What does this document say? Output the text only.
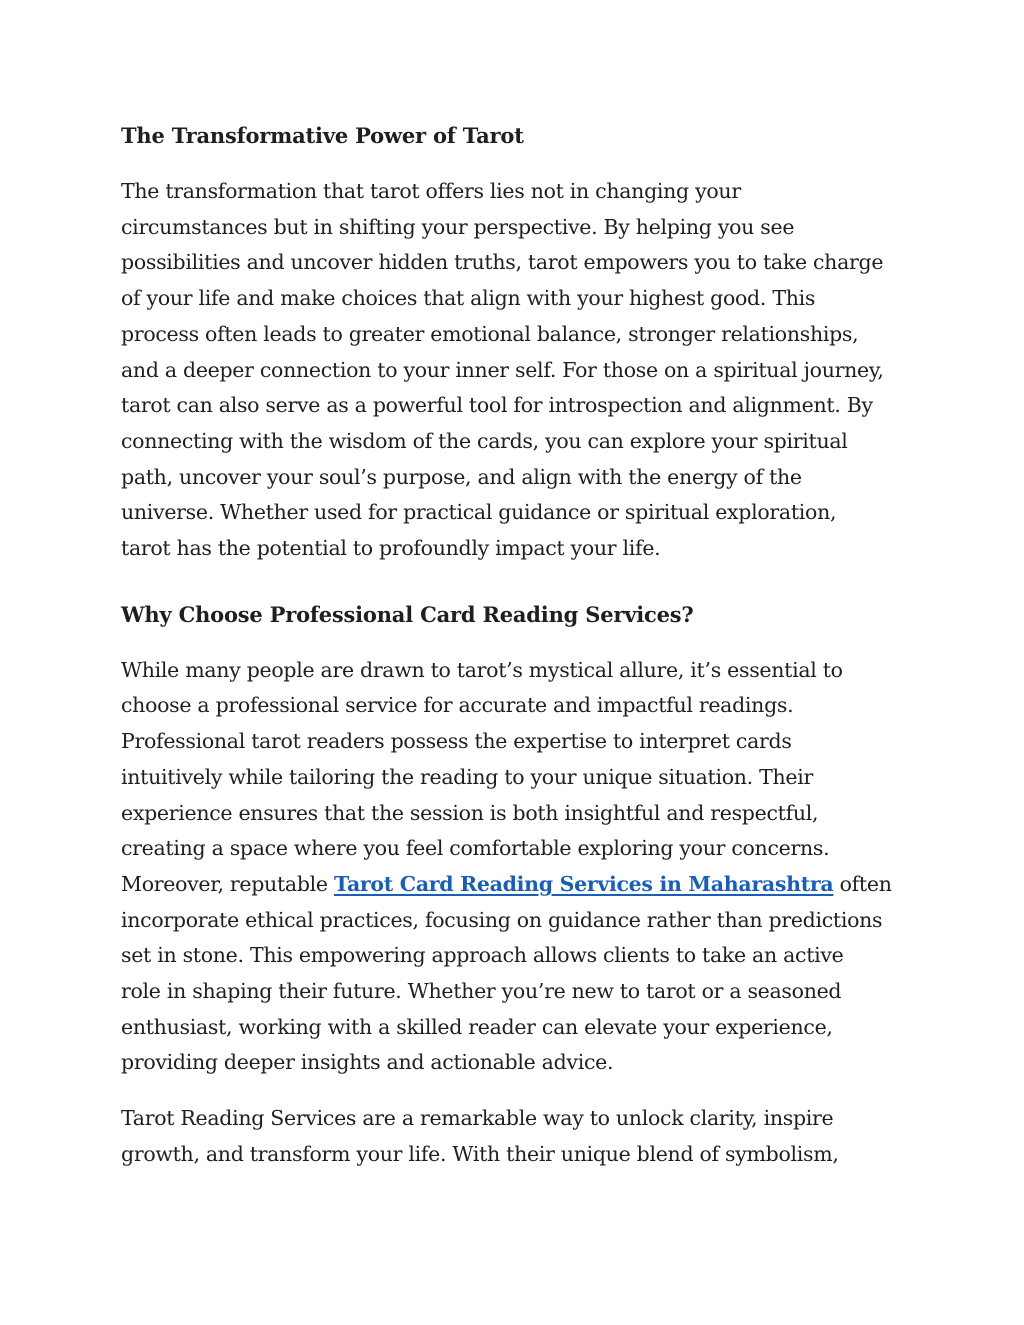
The Transformative Power of Tarot

The transformation that tarot offers lies not in changing your
circumstances but in shifting your perspective. By helping you see
possibilities and uncover hidden truths, tarot empowers you to take charge
of your life and make choices that align with your highest good. This
process often leads to greater emotional balance, stronger relationships,
and a deeper connection to your inner self. For those on a spiritual journey,
tarot can also serve as a powerful tool for introspection and alignment. By
connecting with the wisdom of the cards, you can explore your spiritual
path, uncover your soul’s purpose, and align with the energy of the
universe. Whether used for practical guidance or spiritual exploration,
tarot has the potential to profoundly impact your life.

Why Choose Professional Card Reading Services?

While many people are drawn to tarot’s mystical allure, it’s essential to
choose a professional service for accurate and impactful readings.
Professional tarot readers possess the expertise to interpret cards
intuitively while tailoring the reading to your unique situation. Their
experience ensures that the session is both insightful and respectful,
creating a space where you feel comfortable exploring your concerns.
Moreover, reputable Tarot Card Reading Services in Maharashtra often
incorporate ethical practices, focusing on guidance rather than predictions
set in stone. This empowering approach allows clients to take an active
role in shaping their future. Whether you’re new to tarot or a seasoned
enthusiast, working with a skilled reader can elevate your experience,
providing deeper insights and actionable advice.

Tarot Reading Services are a remarkable way to unlock clarity, inspire
growth, and transform your life. With their unique blend of symbolism,
